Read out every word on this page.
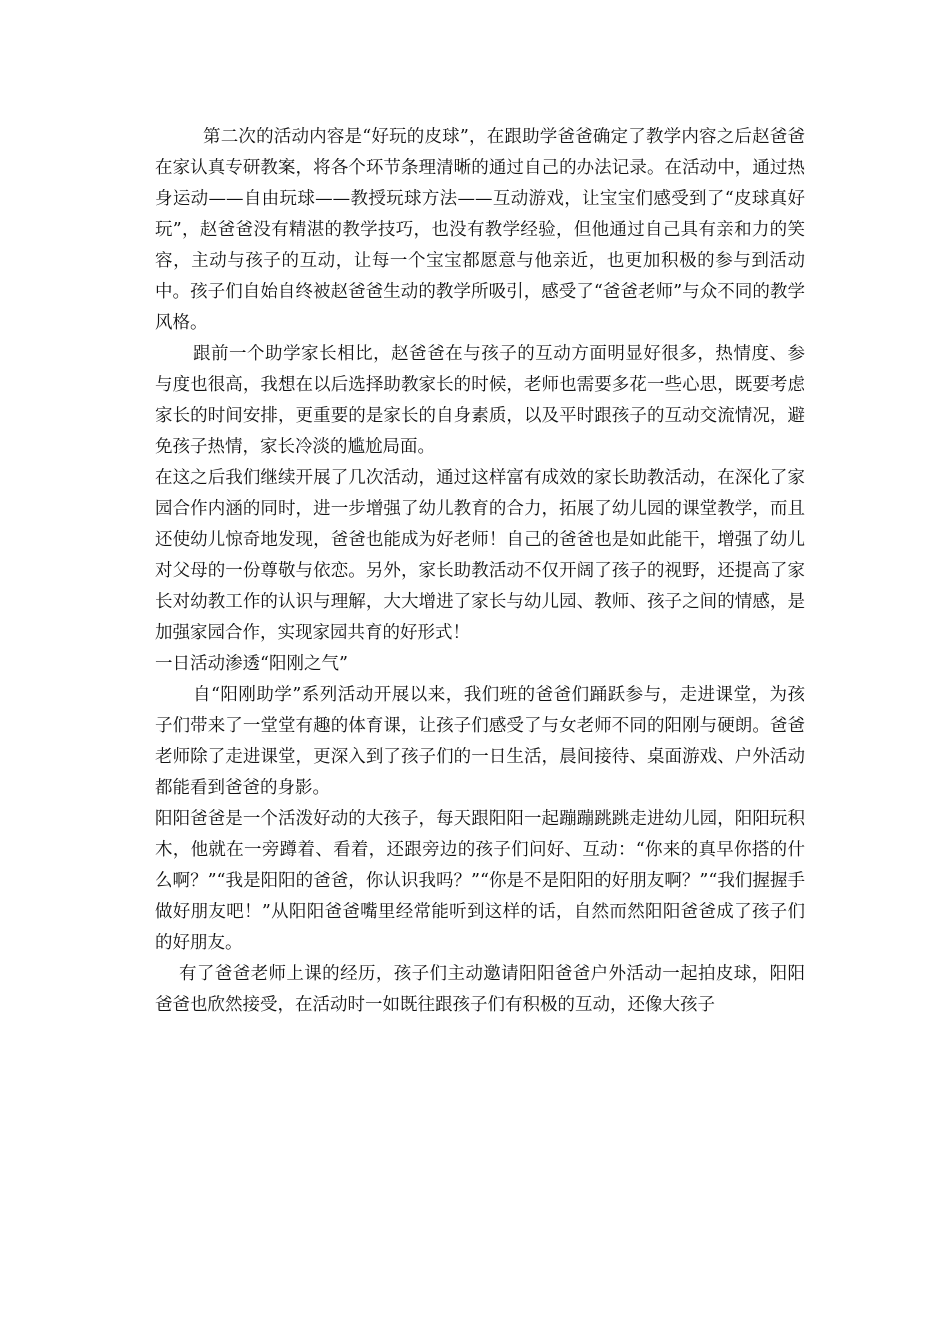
第二次的活动内容是“好玩的皮球”，在跟助学爸爸确定了教学内容之后赵爸爸在家认真专研教案，将各个环节条理清晰的通过自己的办法记录。在活动中，通过热身运动——自由玩球——教授玩球方法——互动游戏，让宝宝们感受到了“皮球真好玩”，赵爸爸没有精湛的教学技巧，也没有教学经验，但他通过自己具有亲和力的笑容，主动与孩子的互动，让每一个宝宝都愿意与他亲近，也更加积极的参与到活动中。孩子们自始自终被赵爸爸生动的教学所吸引，感受了“爸爸老师”与众不同的教学风格。

跟前一个助学家长相比，赵爸爸在与孩子的互动方面明显好很多，热情度、参与度也很高，我想在以后选择助教家长的时候，老师也需要多花一些心思，既要考虑家长的时间安排，更重要的是家长的自身素质，以及平时跟孩子的互动交流情况，避免孩子热情，家长冷淡的尴尬局面。

在这之后我们继续开展了几次活动，通过这样富有成效的家长助教活动，在深化了家园合作内涵的同时，进一步增强了幼儿教育的合力，拓展了幼儿园的课堂教学，而且还使幼儿惊奇地发现，爸爸也能成为好老师！自己的爸爸也是如此能干，增强了幼儿对父母的一份尊敬与依恋。另外，家长助教活动不仅开阔了孩子的视野，还提高了家长对幼教工作的认识与理解，大大增进了家长与幼儿园、教师、孩子之间的情感，是加强家园合作，实现家园共育的好形式！

一日活动渗透“阳刚之气”

自“阳刚助学”系列活动开展以来，我们班的爸爸们踊跃参与，走进课堂，为孩子们带来了一堂堂有趣的体育课，让孩子们感受了与女老师不同的阳刚与硬朗。爸爸老师除了走进课堂，更深入到了孩子们的一日生活，晨间接待、桌面游戏、户外活动都能看到爸爸的身影。

阳阳爸爸是一个活泼好动的大孩子，每天跟阳阳一起蹦蹦跳跳走进幼儿园，阳阳玩积木，他就在一旁蹲着、看着，还跟旁边的孩子们问好、互动：“你来的真早你搭的什么啊？”“我是阳阳的爸爸，你认识我吗？”“你是不是阳阳的好朋友啊？”“我们握握手做好朋友吧！”从阳阳爸爸嘴里经常能听到这样的话，自然而然阳阳爸爸成了孩子们的好朋友。

有了爸爸老师上课的经历，孩子们主动邀请阳阳爸爸户外活动一起拍皮球，阳阳爸爸也欣然接受，在活动时一如既往跟孩子们有积极的互动，还像大孩子
